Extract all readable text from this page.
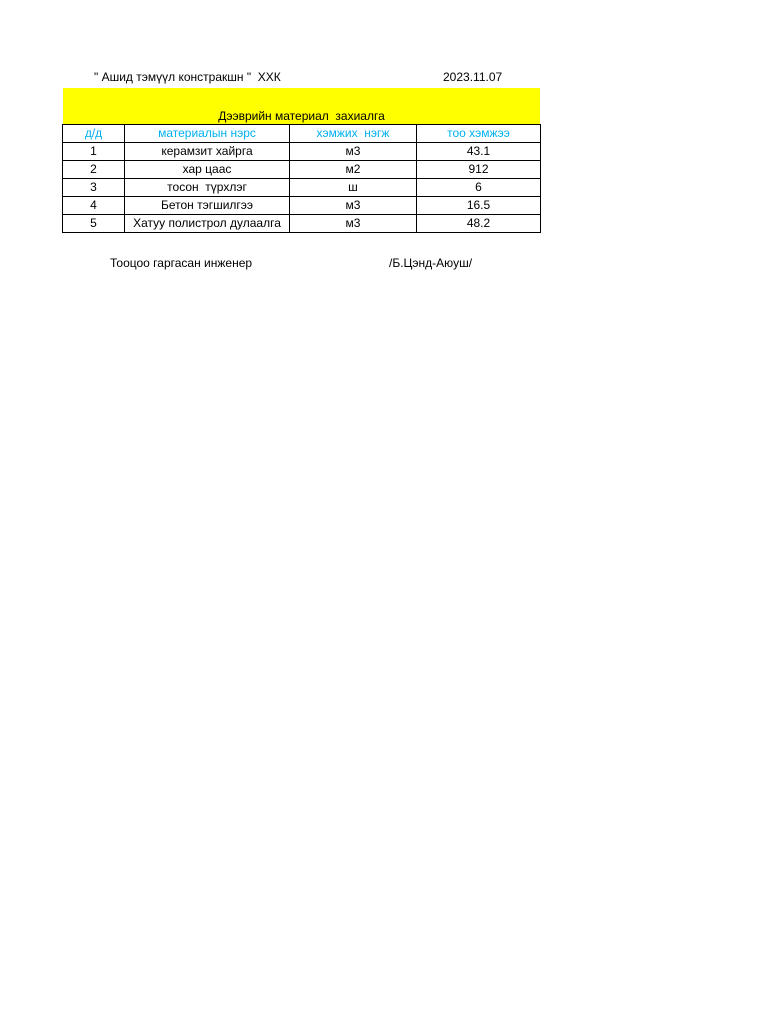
" Ашид тэмүүл констракшн "  ХХК	2023.11.07
Дээврийн материал  захиалга
д/д	материалын нэрс	хэмжих  нэгж	тоо хэмжээ
1	керамзит хайрга	м3	43.1
2	хар цаас	м2	912
3	тосон  түрхлэг	ш	6
4	Бетон тэгшилгээ	м3	16.5
5	Хатуу полистрол дулаалга	м3	48.2
Тооцоо гаргасан инженер	/Б.Цэнд-Аюуш/
